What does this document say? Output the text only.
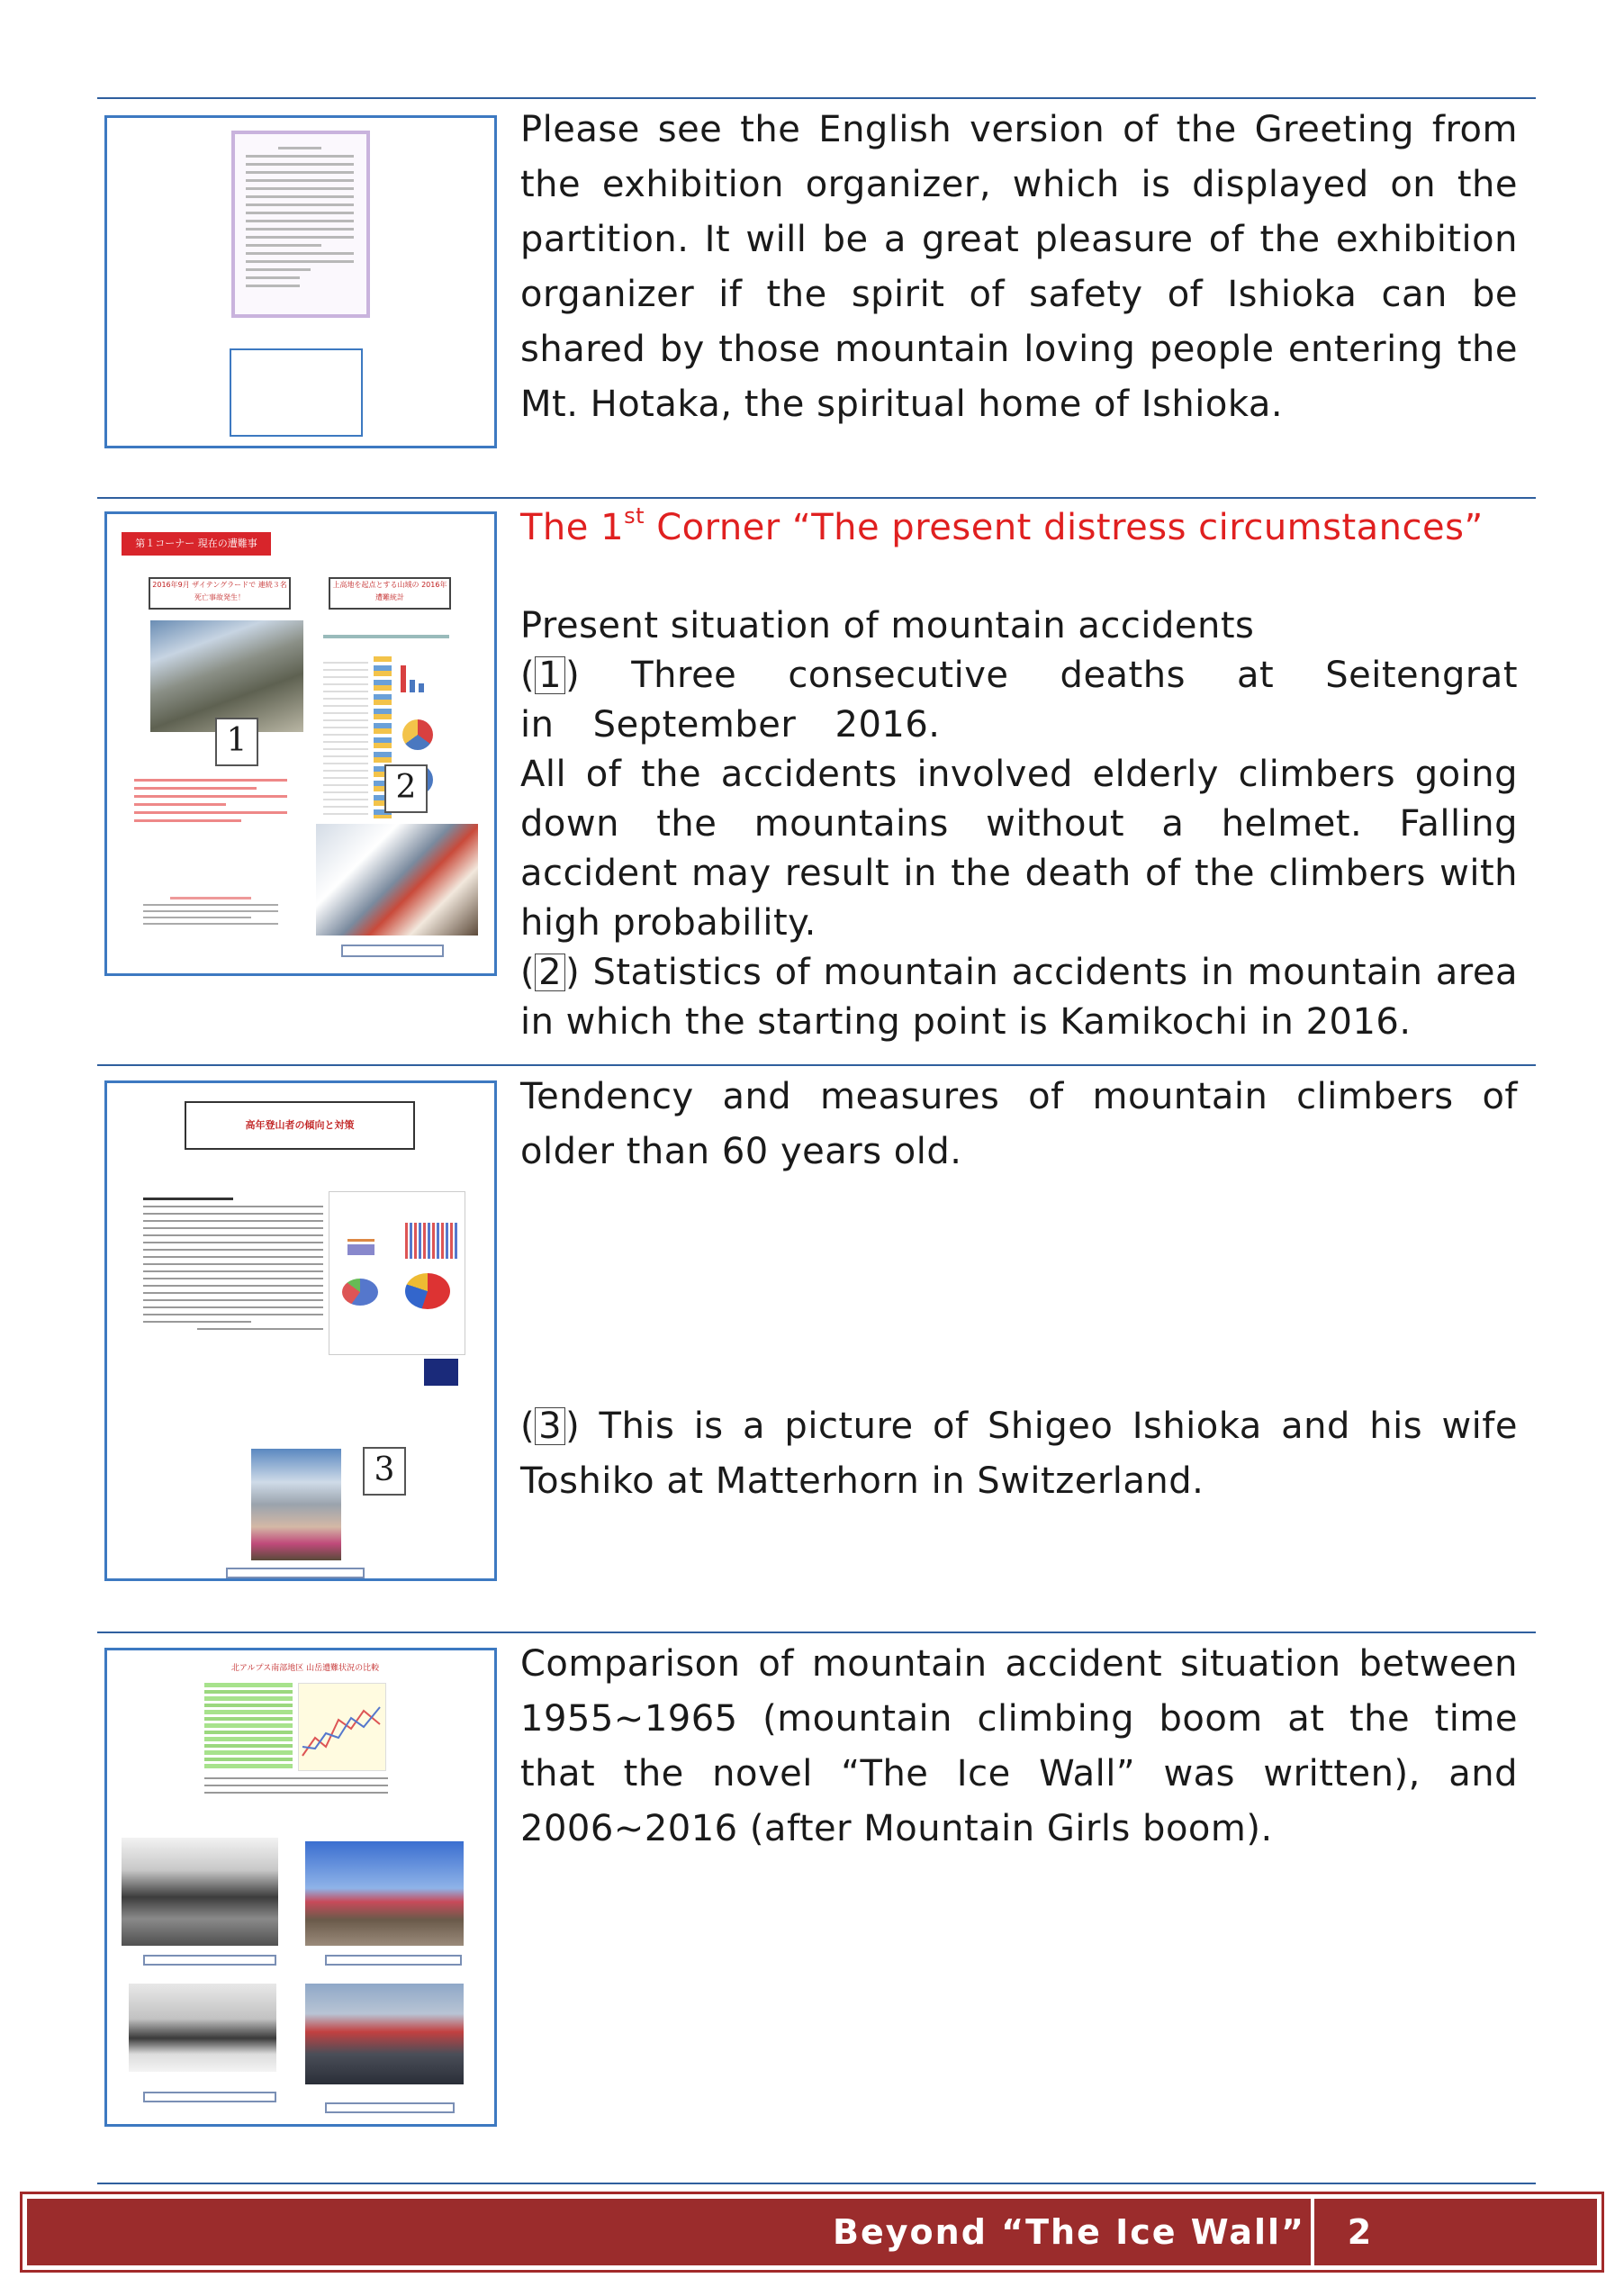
Please see the English version of the Greeting from the exhibition organizer, which is displayed on the partition. It will be a great pleasure of the exhibition organizer if the spirit of safety of Ishioka can be shared by those mountain loving people entering the Mt. Hotaka, the spiritual home of Ishioka.
第１コーナー 現在の遭難事
2016年9月 ザイテングラードで 連続３名死亡事故発生！
上高地を起点とする山域の 2016年遭難統計
1
2
The 1st Corner “The present distress circumstances”
Present situation of mountain accidents
( 1 ) Three consecutive deaths at Seitengrat in September 2016.
All of the accidents involved elderly climbers going down the mountains without a helmet. Falling accident may result in the death of the climbers with high probability.
( 2 ) Statistics of mountain accidents in mountain area in which the starting point is Kamikochi in 2016.
高年登山者の傾向と対策
3
Tendency and measures of mountain climbers of older than 60 years old.
( 3 ) This is a picture of Shigeo Ishioka and his wife Toshiko at Matterhorn in Switzerland.
北アルプス南部地区 山岳遭難状況の比較	Comparison of mountain accident situation between 1955~1965 (mountain climbing boom at the time that the novel “The Ice Wall” was written), and 2006~2016 (after Mountain Girls boom).
Beyond “The Ice Wall”	2
